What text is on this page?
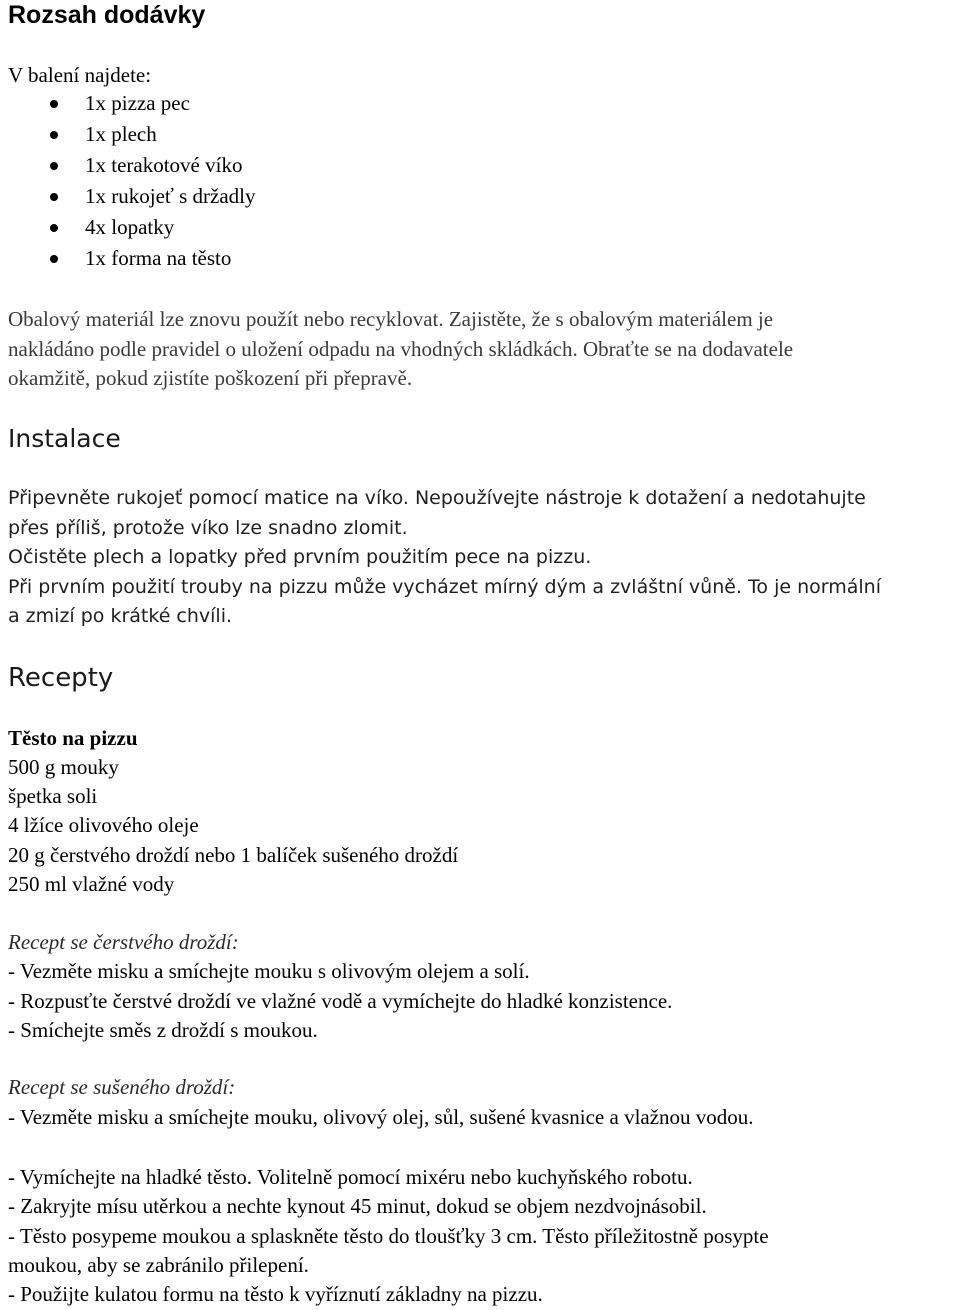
Rozsah dodávky

V balení najdete:

1x pizza pec
1x plech
1x terakotové víko
1x rukojeť s držadly
4x lopatky
1x forma na těsto
Obalový materiál lze znovu použít nebo recyklovat. Zajistěte, že s obalovým materiálem je
nakládáno podle pravidel o uložení odpadu na vhodných skládkách. Obraťte se na dodavatele
okamžitě, pokud zjistíte poškození při přepravě.
Instalace
Připevněte rukojeť pomocí matice na víko. Nepoužívejte nástroje k dotažení a nedotahujte
přes příliš, protože víko lze snadno zlomit.
Očistěte plech a lopatky před prvním použitím pece na pizzu.
Při prvním použití trouby na pizzu může vycházet mírný dým a zvláštní vůně. To je normální
a zmizí po krátké chvíli.
Recepty
Těsto na pizzu
500 g mouky
špetka soli
4 lžíce olivového oleje
20 g čerstvého droždí nebo 1 balíček sušeného droždí
250 ml vlažné vody
Recept se čerstvého droždí:
- Vezměte misku a smíchejte mouku s olivovým olejem a solí.
- Rozpusťte čerstvé droždí ve vlažné vodě a vymíchejte do hladké konzistence.
- Smíchejte směs z droždí s moukou.
Recept se sušeného droždí:
- Vezměte misku a smíchejte mouku, olivový olej, sůl, sušené kvasnice a vlažnou vodou.
- Vymíchejte na hladké těsto. Volitelně pomocí mixéru nebo kuchyňského robotu.
- Zakryjte mísu utěrkou a nechte kynout 45 minut, dokud se objem nezdvojnásobil.
- Těsto posypeme moukou a splaskněte těsto do tloušťky 3 cm. Těsto příležitostně posypte
moukou, aby se zabránilo přilepení.
- Použijte kulatou formu na těsto k vyříznutí základny na pizzu.
